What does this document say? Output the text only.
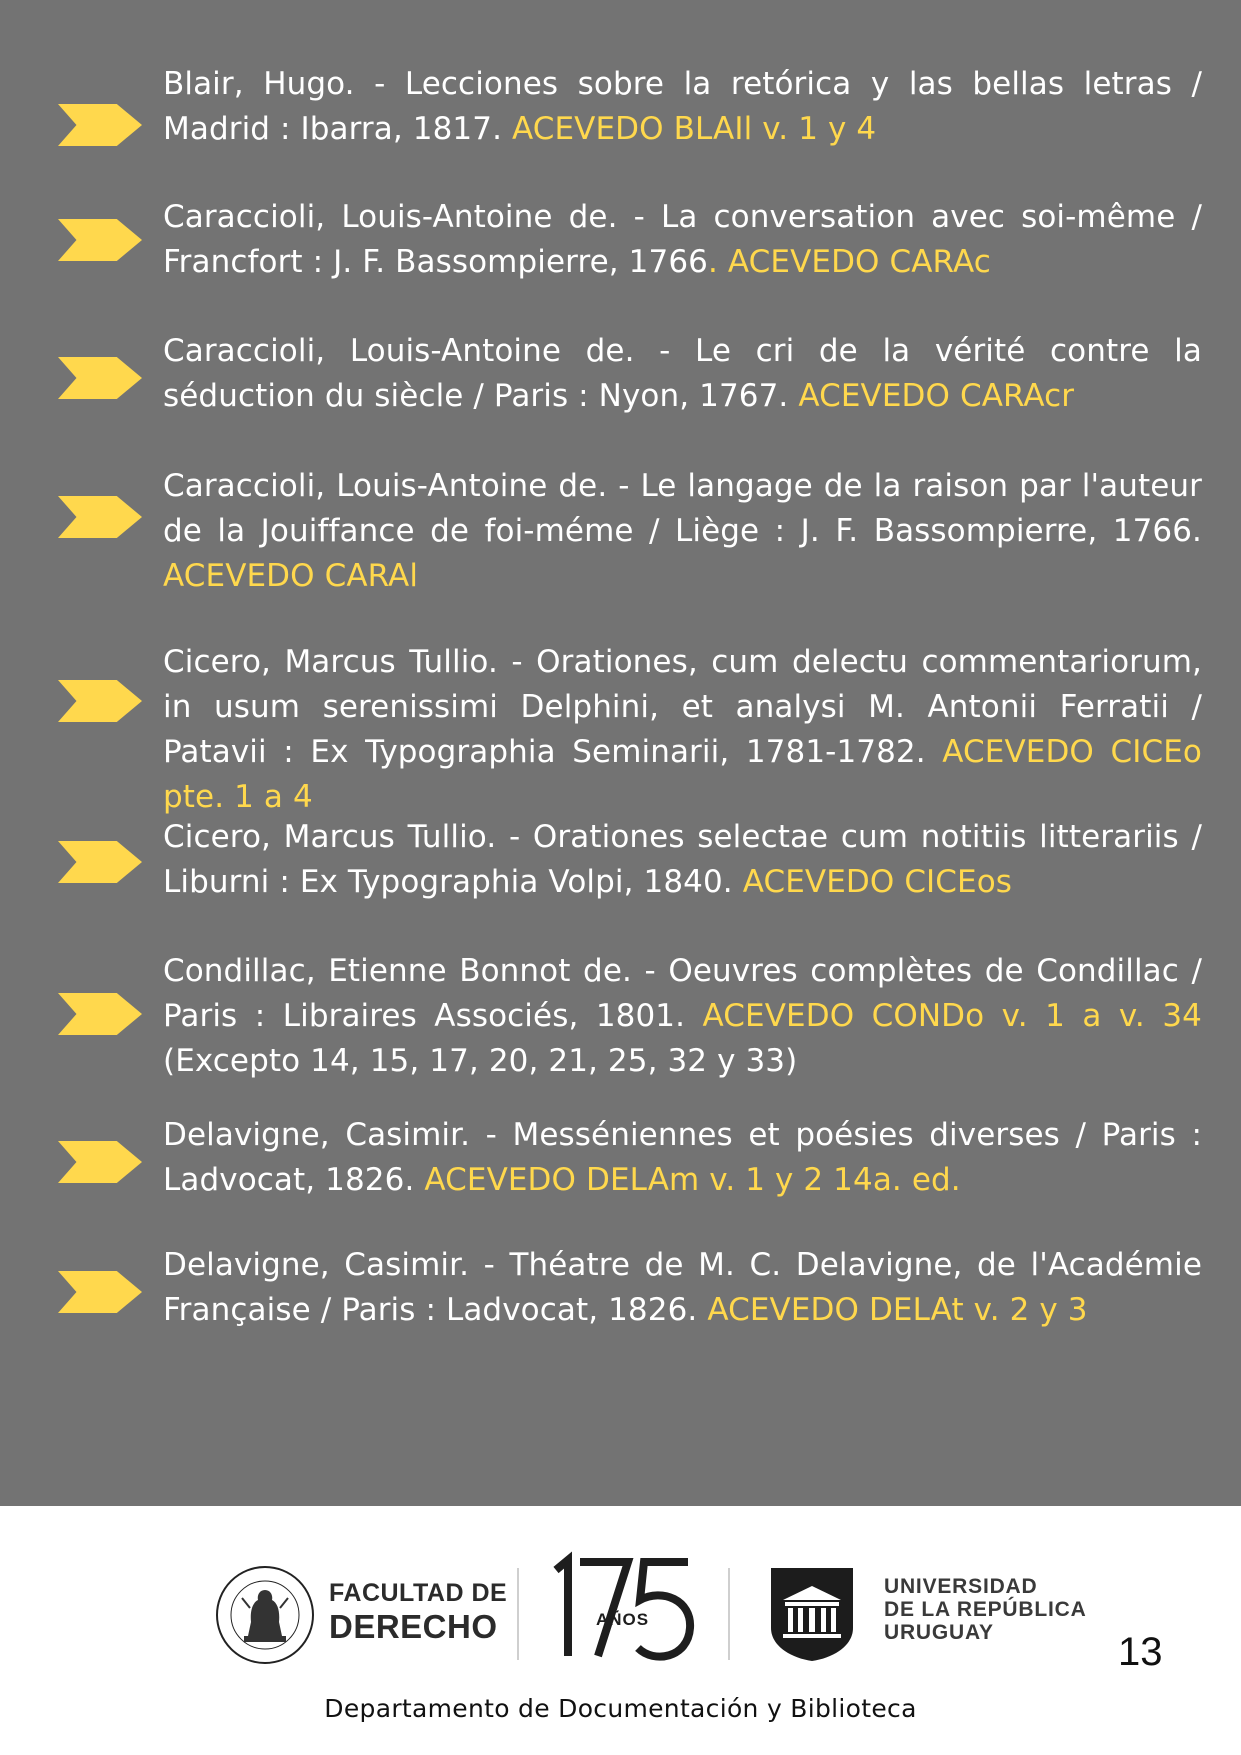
Blair, Hugo. - Lecciones sobre la retórica y las bellas letras / Madrid : Ibarra, 1817. ACEVEDO BLAIl v. 1 y 4
Caraccioli, Louis-Antoine de. - La conversation avec soi-même / Francfort : J. F. Bassompierre, 1766. ACEVEDO CARAc
Caraccioli, Louis-Antoine de. - Le cri de la vérité contre la séduction du siècle / Paris : Nyon, 1767. ACEVEDO CARAcr
Caraccioli, Louis-Antoine de. - Le langage de la raison par l'auteur de la Jouiffance de foi-méme / Liège : J. F. Bassompierre, 1766. ACEVEDO CARAl
Cicero, Marcus Tullio. - Orationes, cum delectu commentariorum, in usum serenissimi Delphini, et analysi M. Antonii Ferratii / Patavii : Ex Typographia Seminarii, 1781-1782. ACEVEDO CICEo pte. 1 a 4
Cicero, Marcus Tullio. - Orationes selectae cum notitiis litterariis / Liburni : Ex Typographia Volpi, 1840. ACEVEDO CICEos
Condillac, Etienne Bonnot de. - Oeuvres complètes de Condillac / Paris : Libraires Associés, 1801. ACEVEDO CONDo v. 1 a v. 34 (Excepto 14, 15, 17, 20, 21, 25, 32 y 33)
Delavigne, Casimir. - Messéniennes et poésies diverses / Paris : Ladvocat, 1826. ACEVEDO DELAm v. 1 y 2 14a. ed.
Delavigne, Casimir. - Théatre de M. C. Delavigne, de l'Académie Française / Paris : Ladvocat, 1826. ACEVEDO DELAt v. 2 y 3
FACULTAD DE
DERECHO	AÑOS
UNIVERSIDAD
DE LA REPÚBLICA
URUGUAY	13
Departamento de Documentación y Biblioteca
